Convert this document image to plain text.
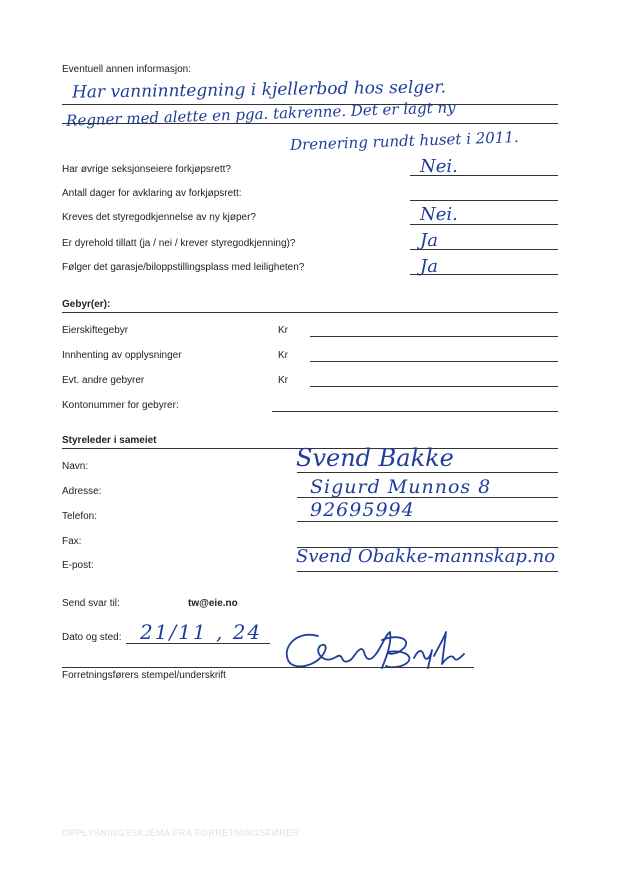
Eventuell annen informasjon:
Har vanninntegning i kjellerbod hos selger.
Regner med alette en pga. takrenne. Det er lagt ny
Drenering rundt huset i 2011.
Har øvrige seksjonseiere forkjøpsrett?	Nei.
Antall dager for avklaring av forkjøpsrett:
Kreves det styregodkjennelse av ny kjøper?	Nei.
Er dyrehold tillatt (ja / nei / krever styregodkjenning)?	Ja
Følger det garasje/biloppstillingsplass med leiligheten?	Ja
Gebyr(er):
Eierskiftegebyr	Kr
Innhenting av opplysninger	Kr
Evt. andre gebyrer	Kr
Kontonummer for gebyrer:
Styreleder i sameiet
Navn:	Svend Bakke
Adresse:	Sigurd Munnos 8
Telefon:	92695994
Fax:
E-post:	Svend Obakke-mannskap.no
Send svar til:	tw@eie.no
Dato og sted: 21/11 , 24
Forretningsførers stempel/underskrift
OPPLYSNINGSSKJEMA FRA FORRETNINGSFØRER
